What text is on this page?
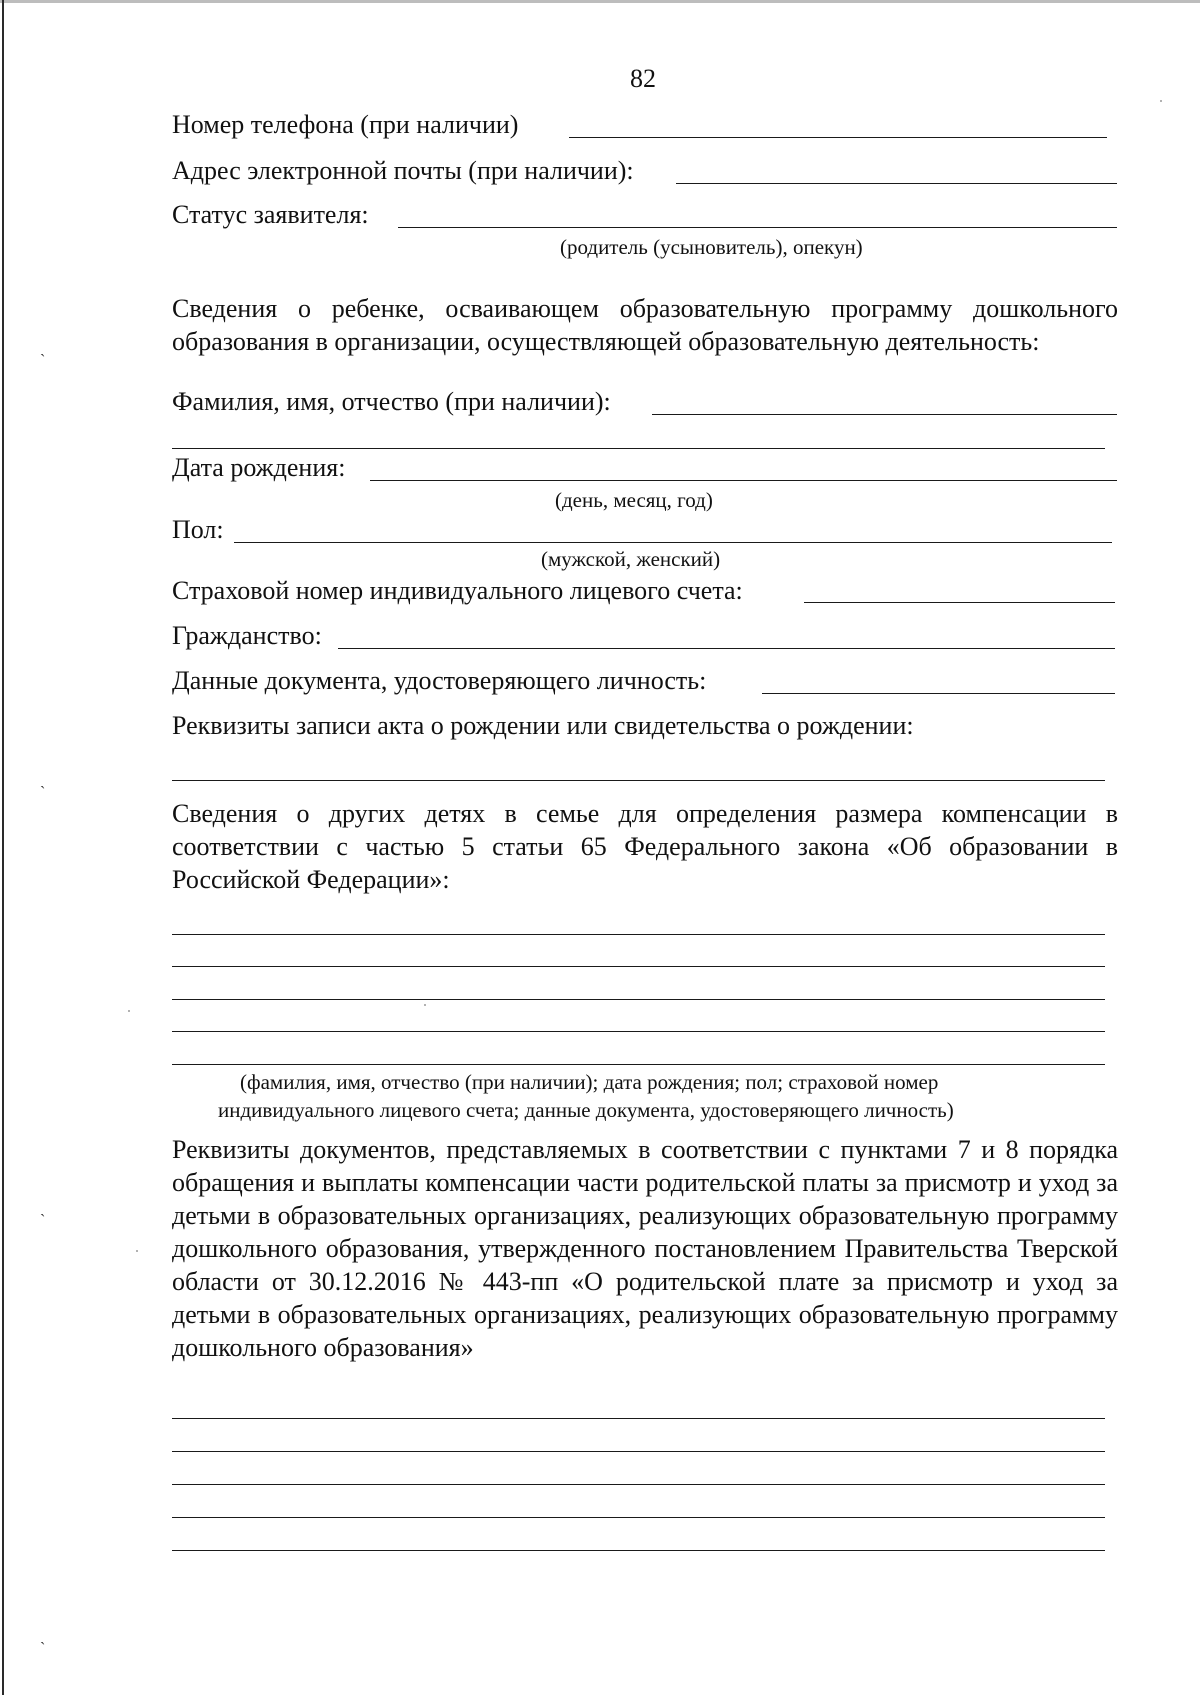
ˏ
ˏ
ˏ
ˏ
82
Номер телефона (при наличии)
Адрес электронной почты (при наличии):
Статус заявителя:
(родитель (усыновитель), опекун)
Сведения о ребенке, осваивающем образовательную программу дошкольного образования в организации, осуществляющей образовательную деятельность:
Фамилия, имя, отчество (при наличии):
Дата рождения:
(день, месяц, год)
Пол:
(мужской, женский)
Страховой номер индивидуального лицевого счета:
Гражданство:
Данные документа, удостоверяющего личность:
Реквизиты записи акта о рождении или свидетельства о рождении:
Сведения о других детях в семье для определения размера компенсации в соответствии с частью 5 статьи 65 Федерального закона «Об образовании в Российской Федерации»:
(фамилия, имя, отчество (при наличии); дата рождения; пол; страховой номер
индивидуального лицевого счета; данные документа, удостоверяющего личность)
Реквизиты документов, представляемых в соответствии с пунктами 7 и 8 порядка обращения и выплаты компенсации части родительской платы за присмотр и уход за детьми в образовательных организациях, реализующих образовательную программу дошкольного образования, утвержденного постановлением Правительства Тверской области от 30.12.2016 № 443-пп «О родительской плате за присмотр и уход за детьми в образовательных организациях, реализующих образовательную программу дошкольного образования»
